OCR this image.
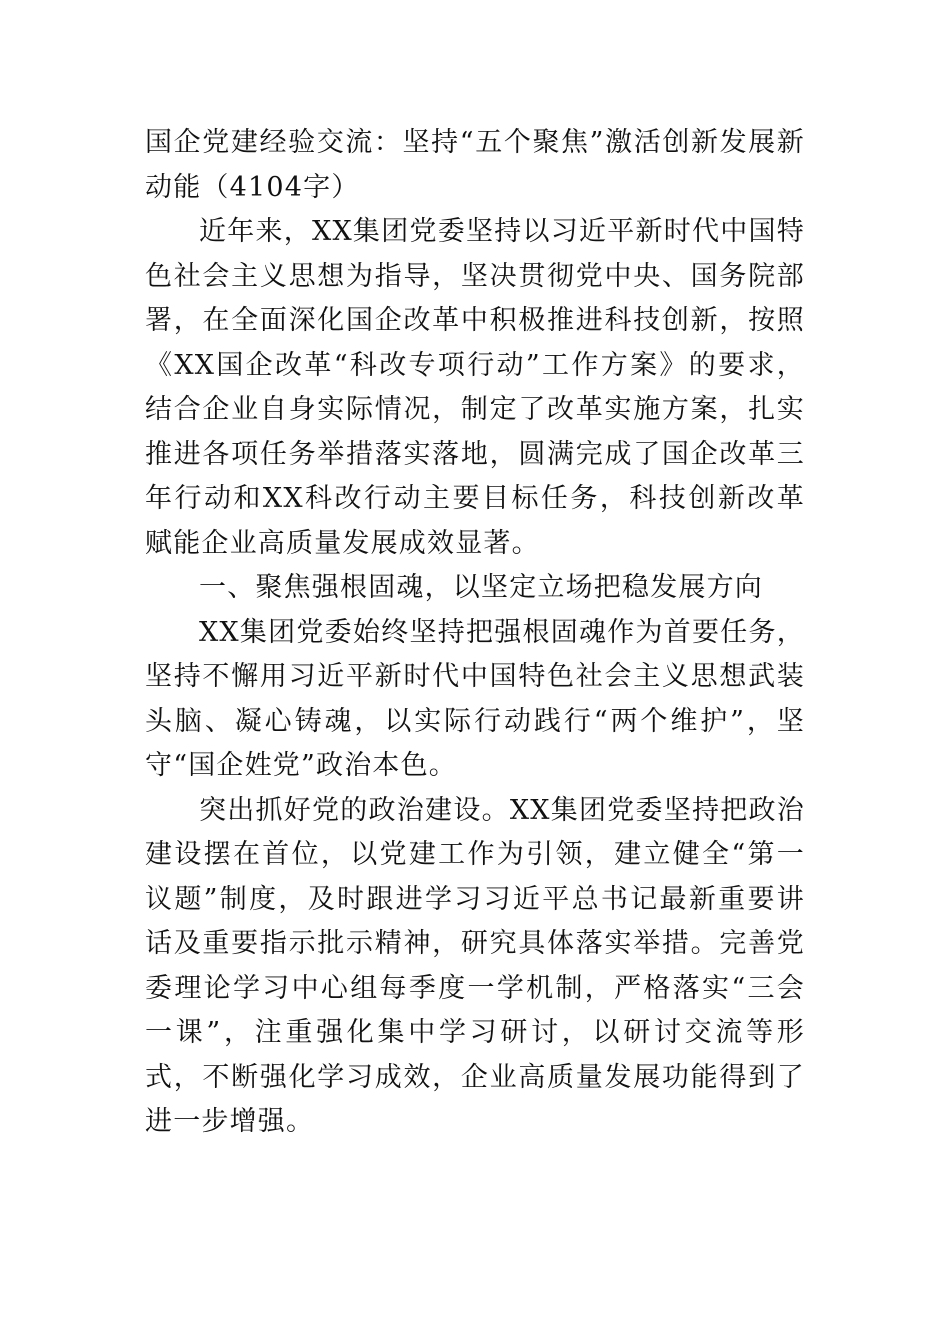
国企党建经验交流：坚持“五个聚焦”激活创新发展新动能（4104字）

近年来，XX集团党委坚持以习近平新时代中国特色社会主义思想为指导，坚决贯彻党中央、国务院部署，在全面深化国企改革中积极推进科技创新，按照《XX国企改革“科改专项行动”工作方案》的要求，结合企业自身实际情况，制定了改革实施方案，扎实推进各项任务举措落实落地，圆满完成了国企改革三年行动和XX科改行动主要目标任务，科技创新改革赋能企业高质量发展成效显著。

一、聚焦强根固魂，以坚定立场把稳发展方向

XX集团党委始终坚持把强根固魂作为首要任务，坚持不懈用习近平新时代中国特色社会主义思想武装头脑、凝心铸魂，以实际行动践行“两个维护”，坚守“国企姓党”政治本色。

突出抓好党的政治建设。XX集团党委坚持把政治建设摆在首位，以党建工作为引领，建立健全“第一议题”制度，及时跟进学习习近平总书记最新重要讲话及重要指示批示精神，研究具体落实举措。完善党委理论学习中心组每季度一学机制，严格落实“三会一课”，注重强化集中学习研讨，以研讨交流等形式，不断强化学习成效，企业高质量发展功能得到了进一步增强。
